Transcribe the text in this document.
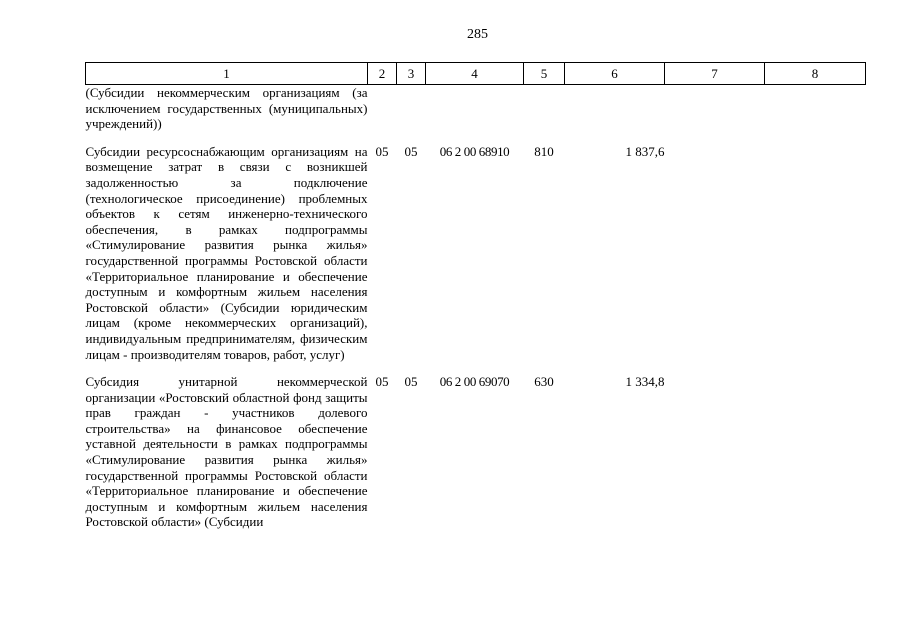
285
1	2	3	4	5	6	7	8
(Субсидии некоммерческим организациям (за исключением государственных (муниципальных) учреждений))							

Субсидии ресурсоснабжающим организациям на возмещение затрат в связи с возникшей задолженностью за подключение (технологическое присоединение) проблемных объектов к сетям инженерно-технического обеспечения, в рамках подпрограммы «Стимулирование развития рынка жилья» государственной программы Ростовской области «Территориальное планирование и обеспечение доступным и комфортным жильем населения Ростовской области» (Субсидии юридическим лицам (кроме некоммерческих организаций), индивидуальным предпринимателям, физическим лицам - производителям товаров, работ, услуг)	05	05	06 2 00 68910	810	1 837,6		

Субсидия унитарной некоммерческой организации «Ростовский областной фонд защиты прав граждан - участников долевого строительства» на финансовое обеспечение уставной деятельности в рамках подпрограммы «Стимулирование развития рынка жилья» государственной программы Ростовской области «Территориальное планирование и обеспечение доступным и комфортным жильем населения Ростовской области» (Субсидии	05	05	06 2 00 69070	630	1 334,8		
